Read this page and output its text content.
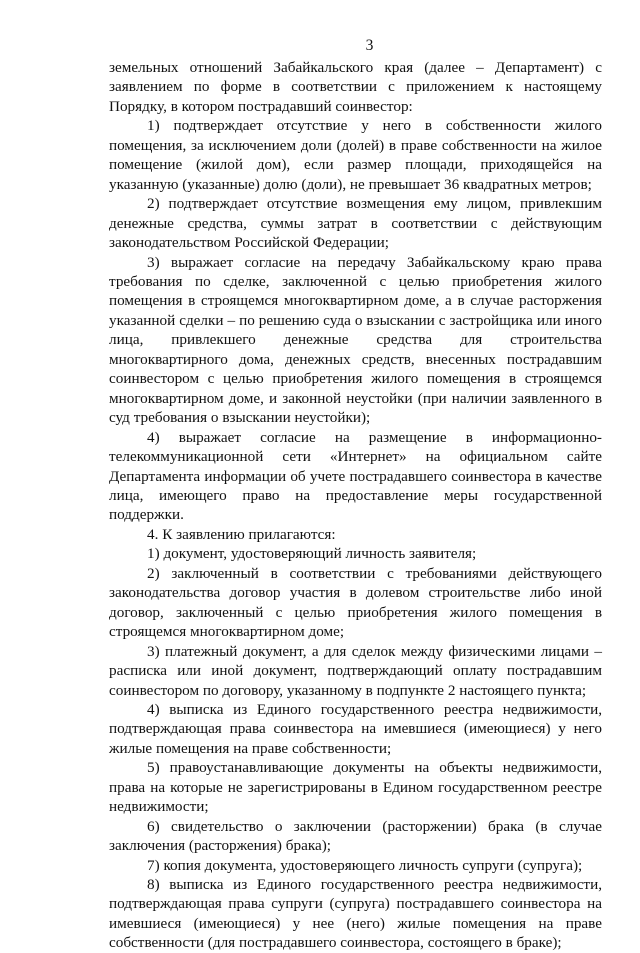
3

земельных отношений Забайкальского края (далее – Департамент) с заявлением по форме в соответствии с приложением к настоящему Порядку, в котором пострадавший соинвестор:

1) подтверждает отсутствие у него в собственности жилого помещения, за исключением доли (долей) в праве собственности на жилое помещение (жилой дом), если размер площади, приходящейся на указанную (указанные) долю (доли), не превышает 36 квадратных метров;

2) подтверждает отсутствие возмещения ему лицом, привлекшим денежные средства, суммы затрат в соответствии с действующим законодательством Российской Федерации;

3) выражает согласие на передачу Забайкальскому краю права требования по сделке, заключенной с целью приобретения жилого помещения в строящемся многоквартирном доме, а в случае расторжения указанной сделки – по решению суда о взыскании с застройщика или иного лица, привлекшего денежные средства для строительства многоквартирного дома, денежных средств, внесенных пострадавшим соинвестором с целью приобретения жилого помещения в строящемся многоквартирном доме, и законной неустойки (при наличии заявленного в суд требования о взыскании неустойки);

4) выражает согласие на размещение в информационно-телекоммуникационной сети «Интернет» на официальном сайте Департамента информации об учете пострадавшего соинвестора в качестве лица, имеющего право на предоставление меры государственной поддержки.

4. К заявлению прилагаются:

1) документ, удостоверяющий личность заявителя;

2) заключенный в соответствии с требованиями действующего законодательства договор участия в долевом строительстве либо иной договор, заключенный с целью приобретения жилого помещения в строящемся многоквартирном доме;

3) платежный документ, а для сделок между физическими лицами – расписка или иной документ, подтверждающий оплату пострадавшим соинвестором по договору, указанному в подпункте 2 настоящего пункта;

4) выписка из Единого государственного реестра недвижимости, подтверждающая права соинвестора на имевшиеся (имеющиеся) у него жилые помещения на праве собственности;

5) правоустанавливающие документы на объекты недвижимости, права на которые не зарегистрированы в Едином государственном реестре недвижимости;

6) свидетельство о заключении (расторжении) брака (в случае заключения (расторжения) брака);

7) копия документа, удостоверяющего личность супруги (супруга);

8) выписка из Единого государственного реестра недвижимости, подтверждающая права супруги (супруга) пострадавшего соинвестора на имевшиеся (имеющиеся) у нее (него) жилые помещения на праве собственности (для пострадавшего соинвестора, состоящего в браке);
